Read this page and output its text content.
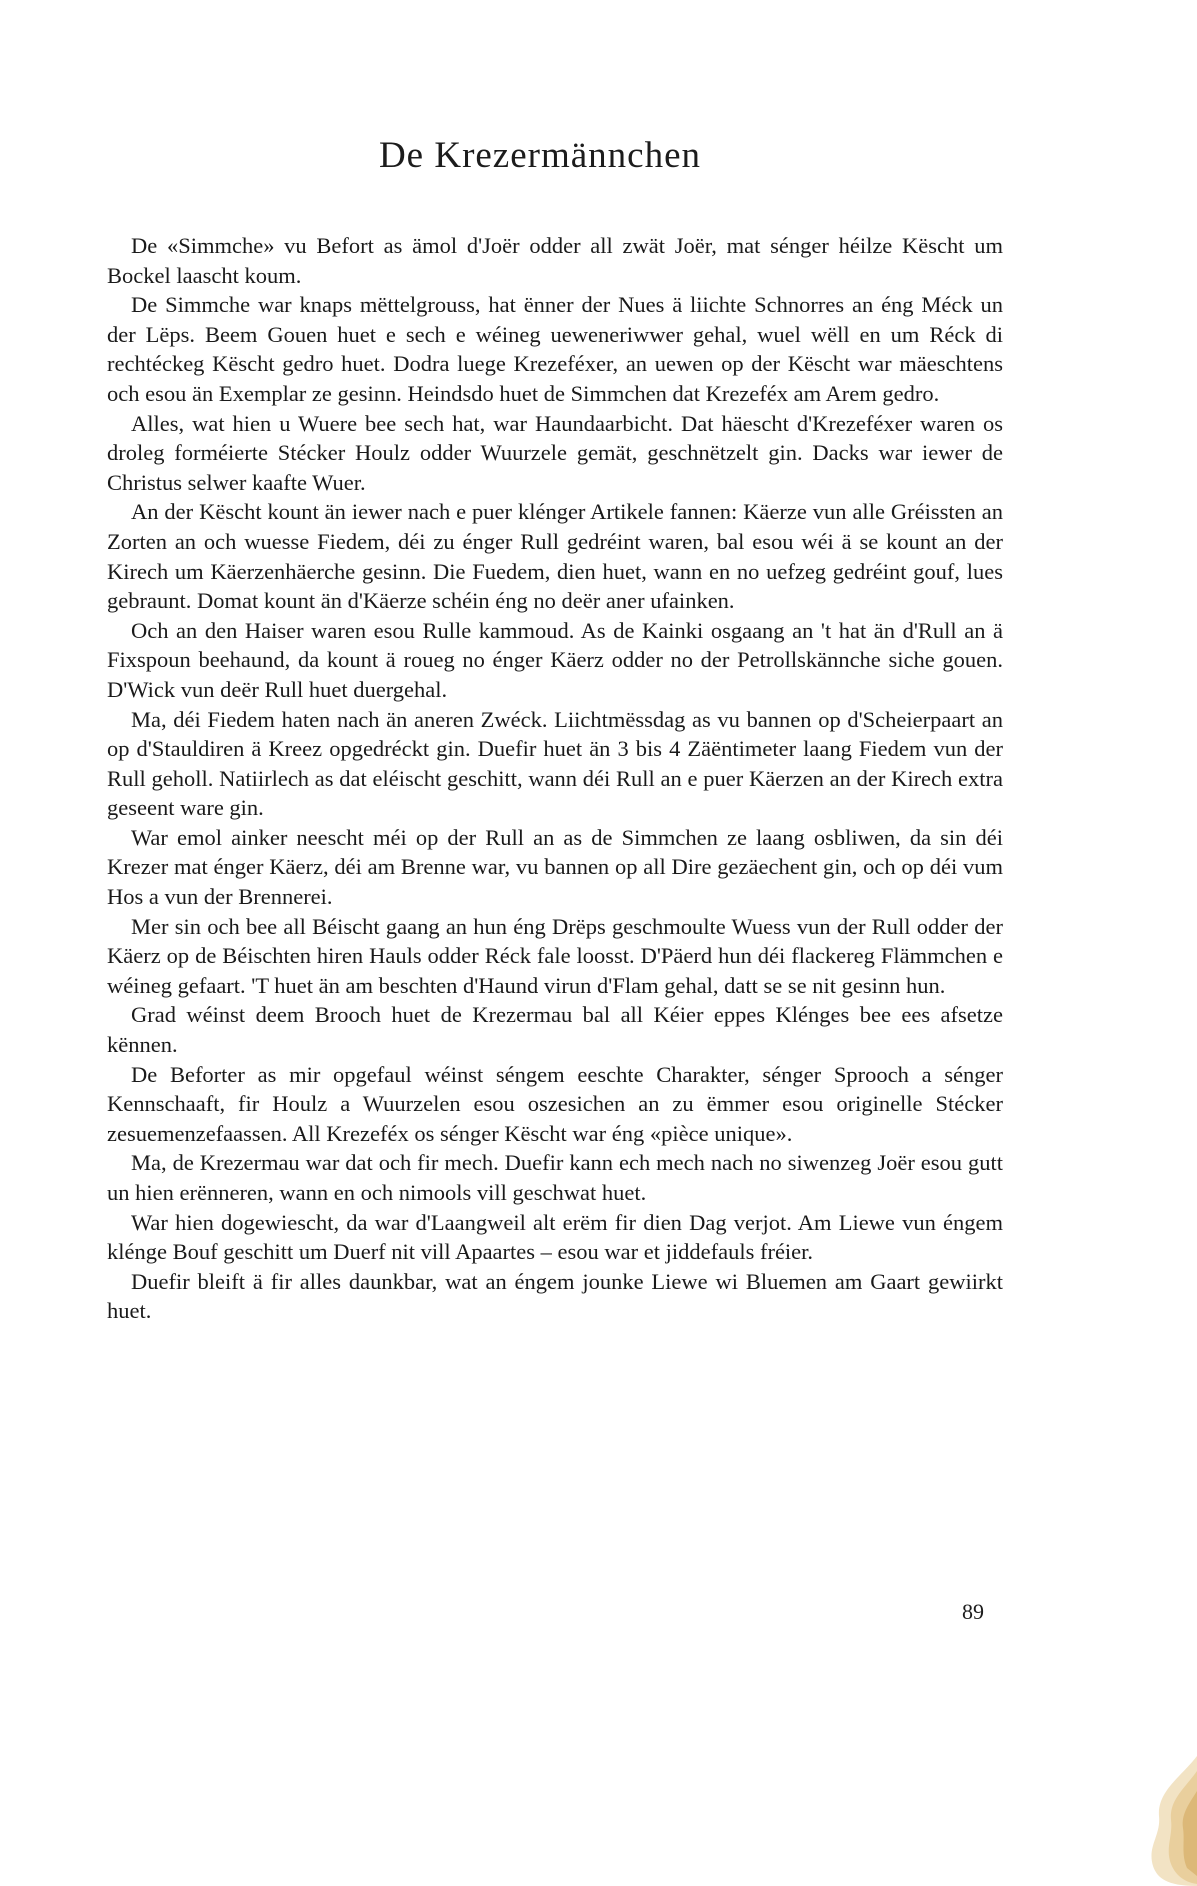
De Krezermännchen

De «Simmche» vu Befort as ämol d'Joër odder all zwät Joër, mat sénger héilze Këscht um Bockel laascht koum.

De Simmche war knaps mëttelgrouss, hat ënner der Nues ä liichte Schnorres an éng Méck un der Lëps. Beem Gouen huet e sech e wéineg ueweneriwwer gehal, wuel wëll en um Réck di rechtéckeg Këscht gedro huet. Dodra luege Krezeféxer, an uewen op der Këscht war mäeschtens och esou än Exemplar ze gesinn. Heindsdo huet de Simmchen dat Krezeféx am Arem gedro.

Alles, wat hien u Wuere bee sech hat, war Haundaarbicht. Dat häescht d'Krezeféxer waren os droleg forméierte Stécker Houlz odder Wuurzele gemät, geschnëtzelt gin. Dacks war iewer de Christus selwer kaafte Wuer.

An der Këscht kount än iewer nach e puer klénger Artikele fannen: Käerze vun alle Gréissten an Zorten an och wuesse Fiedem, déi zu énger Rull gedréint waren, bal esou wéi ä se kount an der Kirech um Käerzenhäerche gesinn. Die Fuedem, dien huet, wann en no uefzeg gedréint gouf, lues gebraunt. Domat kount än d'Käerze schéin éng no deër aner ufainken.

Och an den Haiser waren esou Rulle kammoud. As de Kainki osgaang an 't hat än d'Rull an ä Fixspoun beehaund, da kount ä roueg no énger Käerz odder no der Petrollskännche siche gouen. D'Wick vun deër Rull huet duergehal.

Ma, déi Fiedem haten nach än aneren Zwéck. Liichtmëssdag as vu bannen op d'Scheierpaart an op d'Stauldiren ä Kreez opgedréckt gin. Duefir huet än 3 bis 4 Zäëntimeter laang Fiedem vun der Rull geholl. Natiirlech as dat eléischt geschitt, wann déi Rull an e puer Käerzen an der Kirech extra geseent ware gin.

War emol ainker neescht méi op der Rull an as de Simmchen ze laang osbliwen, da sin déi Krezer mat énger Käerz, déi am Brenne war, vu bannen op all Dire gezäechent gin, och op déi vum Hos a vun der Brennerei.

Mer sin och bee all Béischt gaang an hun éng Drëps geschmoulte Wuess vun der Rull odder der Käerz op de Béischten hiren Hauls odder Réck fale loosst. D'Päerd hun déi flackereg Flämmchen e wéineg gefaart. 'T huet än am beschten d'Haund virun d'Flam gehal, datt se se nit gesinn hun.

Grad wéinst deem Brooch huet de Krezermau bal all Kéier eppes Klénges bee ees afsetze kënnen.

De Beforter as mir opgefaul wéinst séngem eeschte Charakter, sénger Sprooch a sénger Kennschaaft, fir Houlz a Wuurzelen esou oszesichen an zu ëmmer esou originelle Stécker zesuemenzefaassen. All Krezeféx os sénger Këscht war éng «pièce unique».

Ma, de Krezermau war dat och fir mech. Duefir kann ech mech nach no siwenzeg Joër esou gutt un hien erënneren, wann en och nimools vill geschwat huet.

War hien dogewiescht, da war d'Laangweil alt erëm fir dien Dag verjot. Am Liewe vun éngem klénge Bouf geschitt um Duerf nit vill Apaartes – esou war et jiddefauls fréier.

Duefir bleift ä fir alles daunkbar, wat an éngem jounke Liewe wi Bluemen am Gaart gewiirkt huet.

89
